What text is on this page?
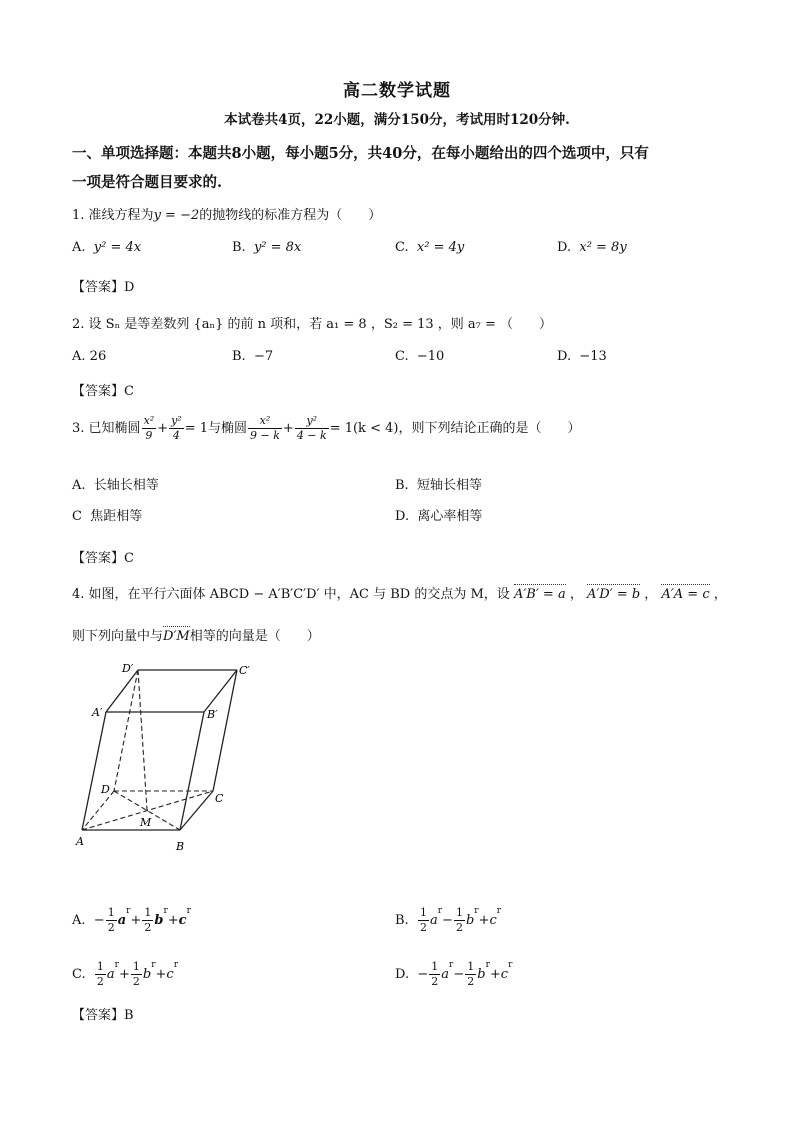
高二数学试题
本试卷共4页，22小题，满分150分，考试用时120分钟.
一、单项选择题：本题共8小题，每小题5分，共40分，在每小题给出的四个选项中，只有
一项是符合题目要求的.
1. 准线方程为y = −2的抛物线的标准方程为（　　）
A. y² = 4x	B. y² = 8x	C. x² = 4y	D. x² = 8y
【答案】D
2. 设 Sₙ 是等差数列 {aₙ} 的前 n 项和，若 a₁ = 8 ，S₂ = 13 ，则 a₇ = （　　）
A. 26	B. −7	C. −10	D. −13
【答案】C
3. 已知椭圆 $\frac{\text{x²}}{9} + \frac{\text{y²}}{4} = 1$与椭圆 $\frac{\text{x²}}{9 - k} + \frac{\text{y²}}{4 - k} = 1(k < 4)$，则下列结论正确的是（　　）
A. 长轴长相等	B. 短轴长相等
C 焦距相等	D. 离心率相等
【答案】C
4. 如图，在平行六面体 ABCD − A′B′C′D′ 中，AC 与 BD 的交点为 M，设 A′B′ = a ， A′D′ = b ， A′A = c ，
则下列向量中与D′M相等的向量是（　　）
D′	C′
A′	B′
D
C
M
A	B
A. − $\frac{1}{2} a^r+ \frac{1}{2} b^r+c^r$
B. $\frac{1}{2} a^r- \frac{1}{2} b^r+c^r$
C. $\frac{1}{2} a^r+ \frac{1}{2} b^r+c^r$
D. − $\frac{1}{2} a^r- \frac{1}{2} b^r+c^r$
【答案】B
